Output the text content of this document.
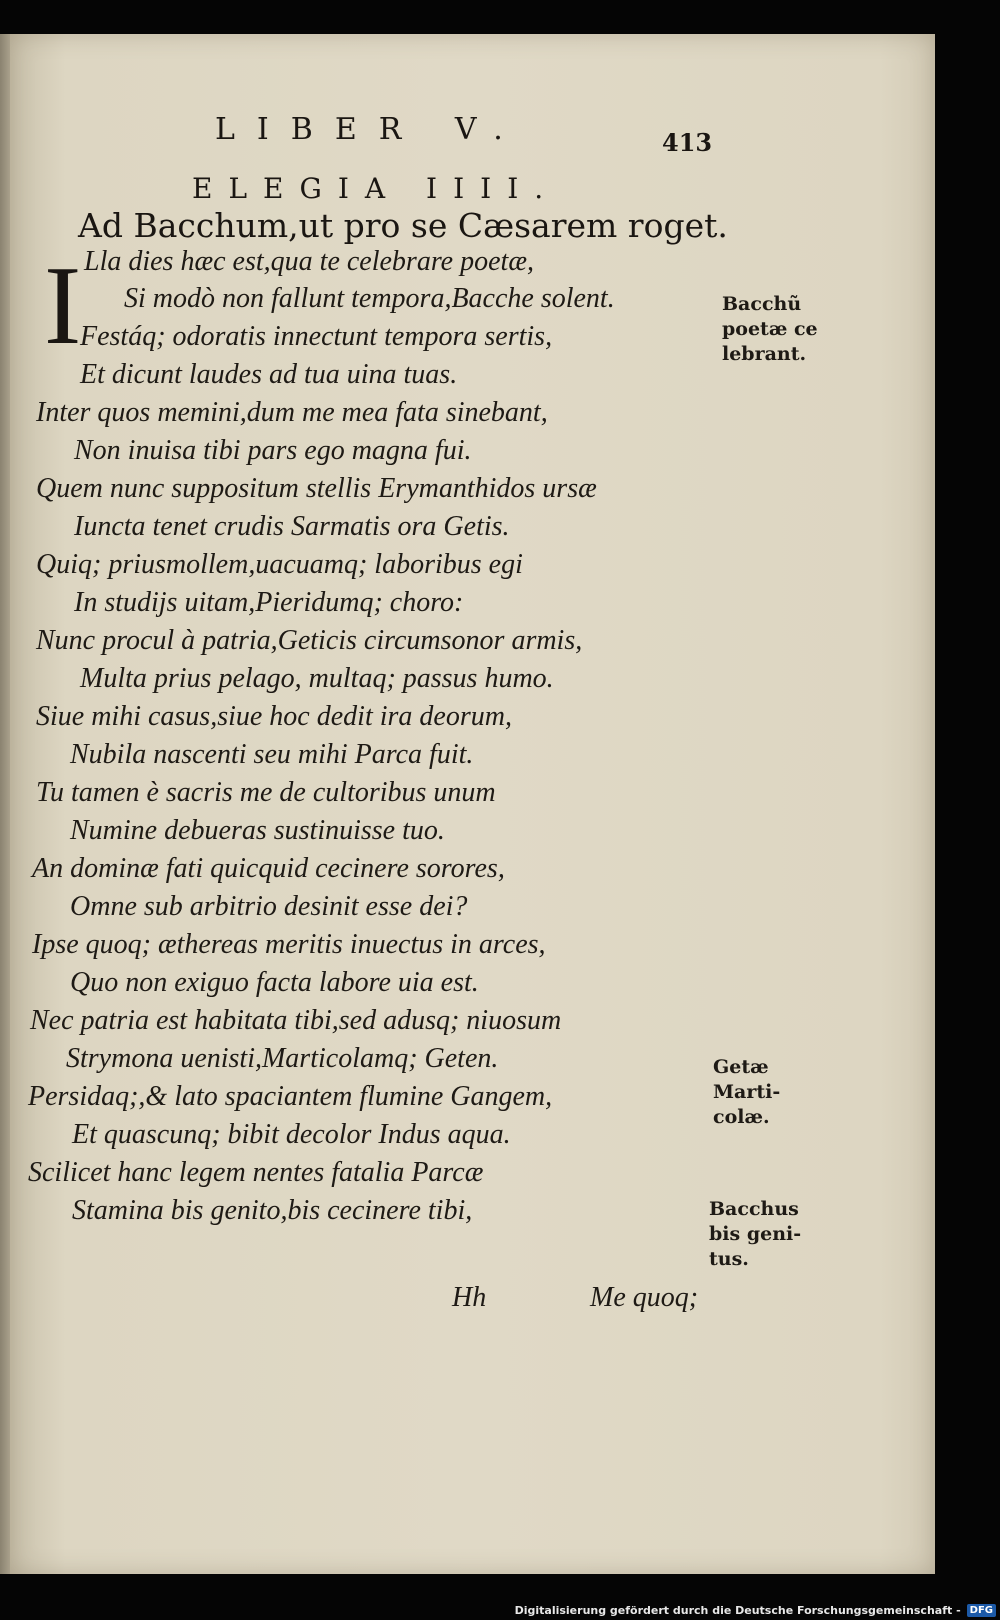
LIBER V.	413
ELEGIA IIII.
Ad Bacchum,ut pro se Cæsarem roget.
I Lla dies hæc est,qua te celebrare poetæ,
Si modò non fallunt tempora,Bacche solent.
Festáq; odoratis innectunt tempora sertis,
Et dicunt laudes ad tua uina tuas.
Inter quos memini,dum me mea fata sinebant,
Non inuisa tibi pars ego magna fui.
Quem nunc suppositum stellis Erymanthidos ursæ
Iuncta tenet crudis Sarmatis ora Getis.
Quiq; priusmollem,uacuamq; laboribus egi
In studijs uitam,Pieridumq; choro:
Nunc procul à patria,Geticis circumsonor armis,
Multa prius pelago, multaq; passus humo.
Siue mihi casus,siue hoc dedit ira deorum,
Nubila nascenti seu mihi Parca fuit.
Tu tamen è sacris me de cultoribus unum
Numine debueras sustinuisse tuo.
An dominæ fati quicquid cecinere sorores,
Omne sub arbitrio desinit esse dei?
Ipse quoq; æthereas meritis inuectus in arces,
Quo non exiguo facta labore uia est.
Nec patria est habitata tibi,sed adusq; niuosum
Strymona uenisti,Marticolamq; Geten.
Persidaq;,& lato spaciantem flumine Gangem,
Et quascunq; bibit decolor Indus aqua.
Scilicet hanc legem nentes fatalia Parcæ
Stamina bis genito,bis cecinere tibi,
Bacchũ
poetæ ce
lebrant.
Getæ
Marti-
colæ.
Bacchus
bis geni-
tus.
Hh	Me quoq;
Digitalisierung gefördert durch die Deutsche Forschungsgemeinschaft - DFG
